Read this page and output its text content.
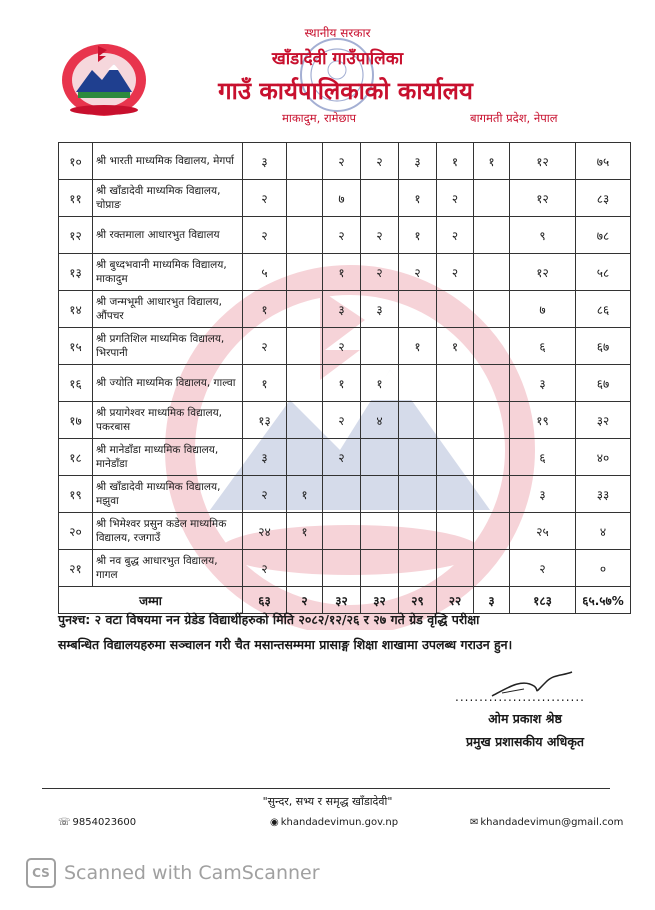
स्थानीय सरकार
खाँडादेवी गाउँपालिका
गाउँ कार्यपालिकाको कार्यालय
माकादुम, रामेछाप	बागमती प्रदेश, नेपाल
१०	श्री भारती माध्यमिक विद्यालय, मेगर्पा	३		२	२	३	१	१	१२	७५
११	श्री खाँडादेवी माध्यमिक विद्यालय, चोप्राङ	२		७		१	२		१२	८३
१२	श्री रक्तमाला आधारभुत विद्यालय	२		२	२	१	२		९	७८
१३	श्री बुध्दभवानी माध्यमिक विद्यालय, माकादुम	५		१	२	२	२		१२	५८
१४	श्री जन्मभूमी आधारभुत विद्यालय, औंपचर	१		३	३				७	८६
१५	श्री प्रगतिशिल माध्यमिक विद्यालय, भिरपानी	२		२		१	१		६	६७
१६	श्री ज्योति माध्यमिक विद्यालय, गाल्वा	१		१	१				३	६७
१७	श्री प्रयागेश्वर माध्यमिक विद्यालय, पकरबास	१३		२	४				१९	३२
१८	श्री मानेडाँडा माध्यमिक विद्यालय, मानेडाँडा	३		२					६	४०
१९	श्री खाँडादेवी माध्यमिक विद्यालय, मझुवा	२	१						३	३३
२०	श्री भिमेश्वर प्रसुन कडेल माध्यमिक विद्यालय, रजगाउँ	२४	१						२५	४
२१	श्री नव बुद्ध आधारभुत विद्यालय, गागल	२							२	०
जम्मा		६३	२	३२	३२	२९	२२	३	१८३	६५.५७%
पुनश्च: २ वटा विषयमा नन ग्रेडेड विद्यार्थीहरुको मिति २०८२/१२/२६ र २७ गते ग्रेड वृद्धि परीक्षा
सम्बन्धित विद्यालयहरुमा सञ्चालन गरी चैत मसान्तसम्ममा प्रासाङ्ग शिक्षा शाखामा उपलब्ध गराउन हुन।
...........................
ओम प्रकाश श्रेष्ठ
प्रमुख प्रशासकीय अधिकृत
"सुन्दर, सभ्य र समृद्ध खाँडादेवी"
☏ 9854023600	◉ khandadevimun.gov.np	✉ khandadevimun@gmail.com
CS Scanned with CamScanner
